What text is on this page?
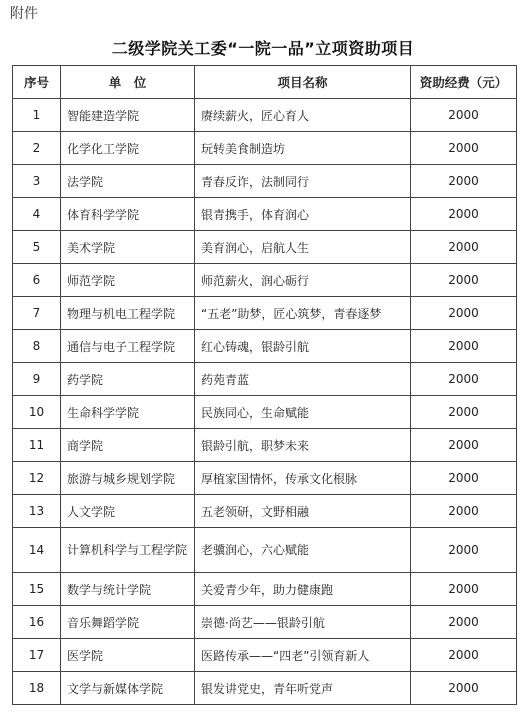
附件
二级学院关工委“一院一品”立项资助项目
序号	单　位	项目名称	资助经费（元）
1	智能建造学院	赓续薪火，匠心育人	2000
2	化学化工学院	玩转美食制造坊	2000
3	法学院	青春反诈，法制同行	2000
4	体育科学学院	银青携手，体育润心	2000
5	美术学院	美育润心，启航人生	2000
6	师范学院	师范薪火，润心砺行	2000
7	物理与机电工程学院	“五老”助梦，匠心筑梦，青春逐梦	2000
8	通信与电子工程学院	红心铸魂，银龄引航	2000
9	药学院	药苑青蓝	2000
10	生命科学学院	民族同心，生命赋能	2000
11	商学院	银龄引航，职梦未来	2000
12	旅游与城乡规划学院	厚植家国情怀，传承文化根脉	2000
13	人文学院	五老领研，文野相融	2000
14	计算机科学与工程学院	老骥润心，六心赋能	2000
15	数学与统计学院	关爱青少年，助力健康跑	2000
16	音乐舞蹈学院	崇德·尚艺——银龄引航	2000
17	医学院	医路传承——“四老”引领育新人	2000
18	文学与新媒体学院	银发讲党史，青年听党声	2000
